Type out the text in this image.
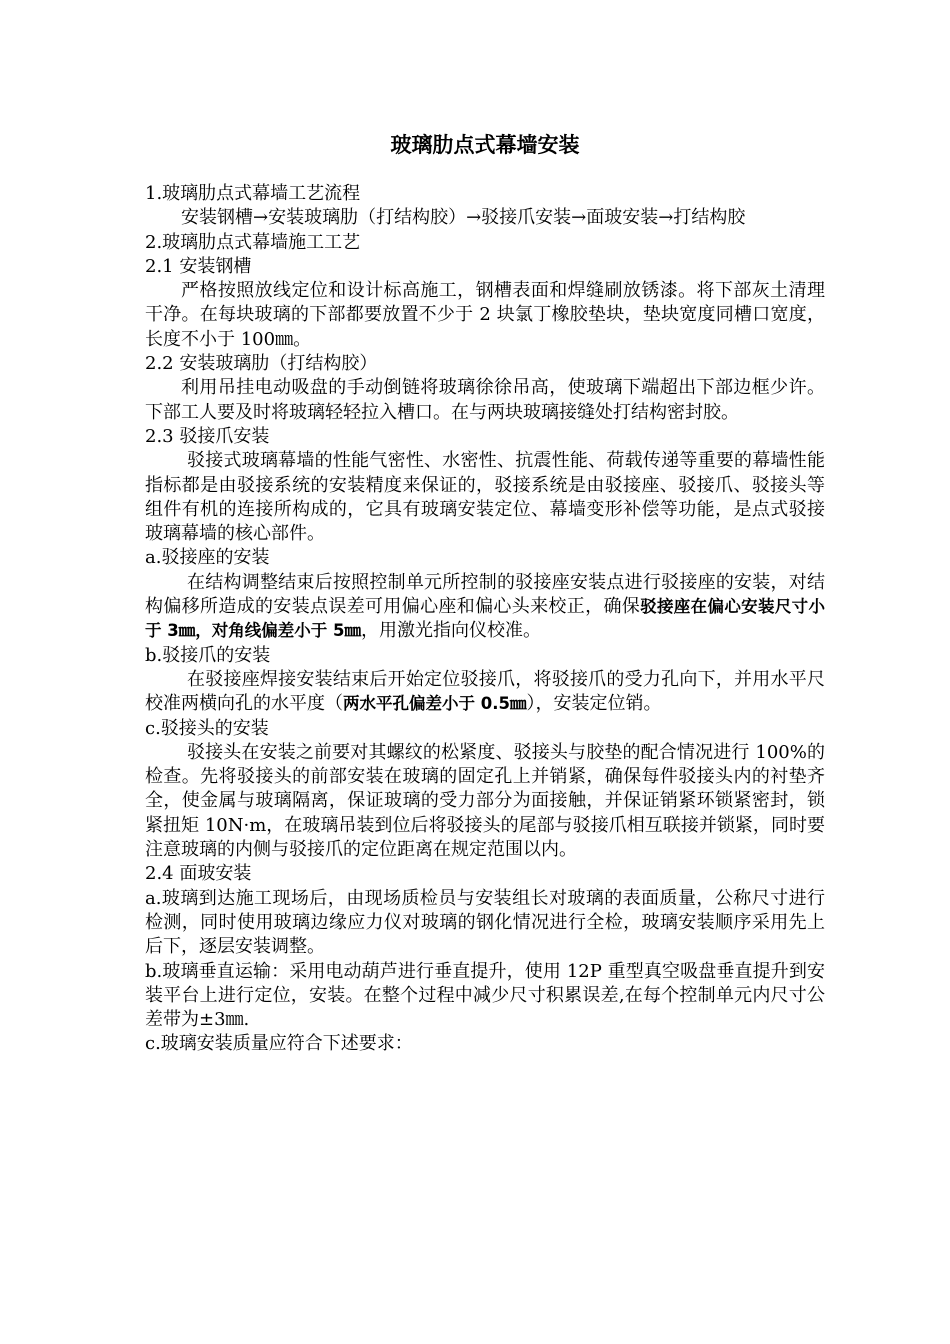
玻璃肋点式幕墙安装

1.玻璃肋点式幕墙工艺流程

安装钢槽→安装玻璃肋（打结构胶）→驳接爪安装→面玻安装→打结构胶

2.玻璃肋点式幕墙施工工艺

2.1 安装钢槽

严格按照放线定位和设计标高施工，钢槽表面和焊缝刷放锈漆。将下部灰土清理干净。在每块玻璃的下部都要放置不少于 2 块氯丁橡胶垫块，垫块宽度同槽口宽度，长度不小于 100㎜。

2.2 安装玻璃肋（打结构胶）

利用吊挂电动吸盘的手动倒链将玻璃徐徐吊高，使玻璃下端超出下部边框少许。下部工人要及时将玻璃轻轻拉入槽口。在与两块玻璃接缝处打结构密封胶。

2.3 驳接爪安装

驳接式玻璃幕墙的性能气密性、水密性、抗震性能、荷载传递等重要的幕墙性能指标都是由驳接系统的安装精度来保证的，驳接系统是由驳接座、驳接爪、驳接头等组件有机的连接所构成的，它具有玻璃安装定位、幕墙变形补偿等功能，是点式驳接玻璃幕墙的核心部件。

a.驳接座的安装

在结构调整结束后按照控制单元所控制的驳接座安装点进行驳接座的安装，对结构偏移所造成的安装点误差可用偏心座和偏心头来校正，确保驳接座在偏心安装尺寸小于 3㎜，对角线偏差小于 5㎜，用激光指向仪校准。

b.驳接爪的安装

在驳接座焊接安装结束后开始定位驳接爪，将驳接爪的受力孔向下，并用水平尺校准两横向孔的水平度（两水平孔偏差小于 0.5㎜），安装定位销。

c.驳接头的安装

驳接头在安装之前要对其螺纹的松紧度、驳接头与胶垫的配合情况进行 100%的检查。先将驳接头的前部安装在玻璃的固定孔上并销紧，确保每件驳接头内的衬垫齐全，使金属与玻璃隔离，保证玻璃的受力部分为面接触，并保证销紧环锁紧密封，锁紧扭矩 10N·m，在玻璃吊装到位后将驳接头的尾部与驳接爪相互联接并锁紧，同时要注意玻璃的内侧与驳接爪的定位距离在规定范围以内。

2.4 面玻安装

a.玻璃到达施工现场后，由现场质检员与安装组长对玻璃的表面质量，公称尺寸进行检测，同时使用玻璃边缘应力仪对玻璃的钢化情况进行全检，玻璃安装顺序采用先上后下，逐层安装调整。

b.玻璃垂直运输：采用电动葫芦进行垂直提升，使用 12P 重型真空吸盘垂直提升到安装平台上进行定位，安装。在整个过程中减少尺寸积累误差,在每个控制单元内尺寸公差带为±3㎜.

c.玻璃安装质量应符合下述要求：
